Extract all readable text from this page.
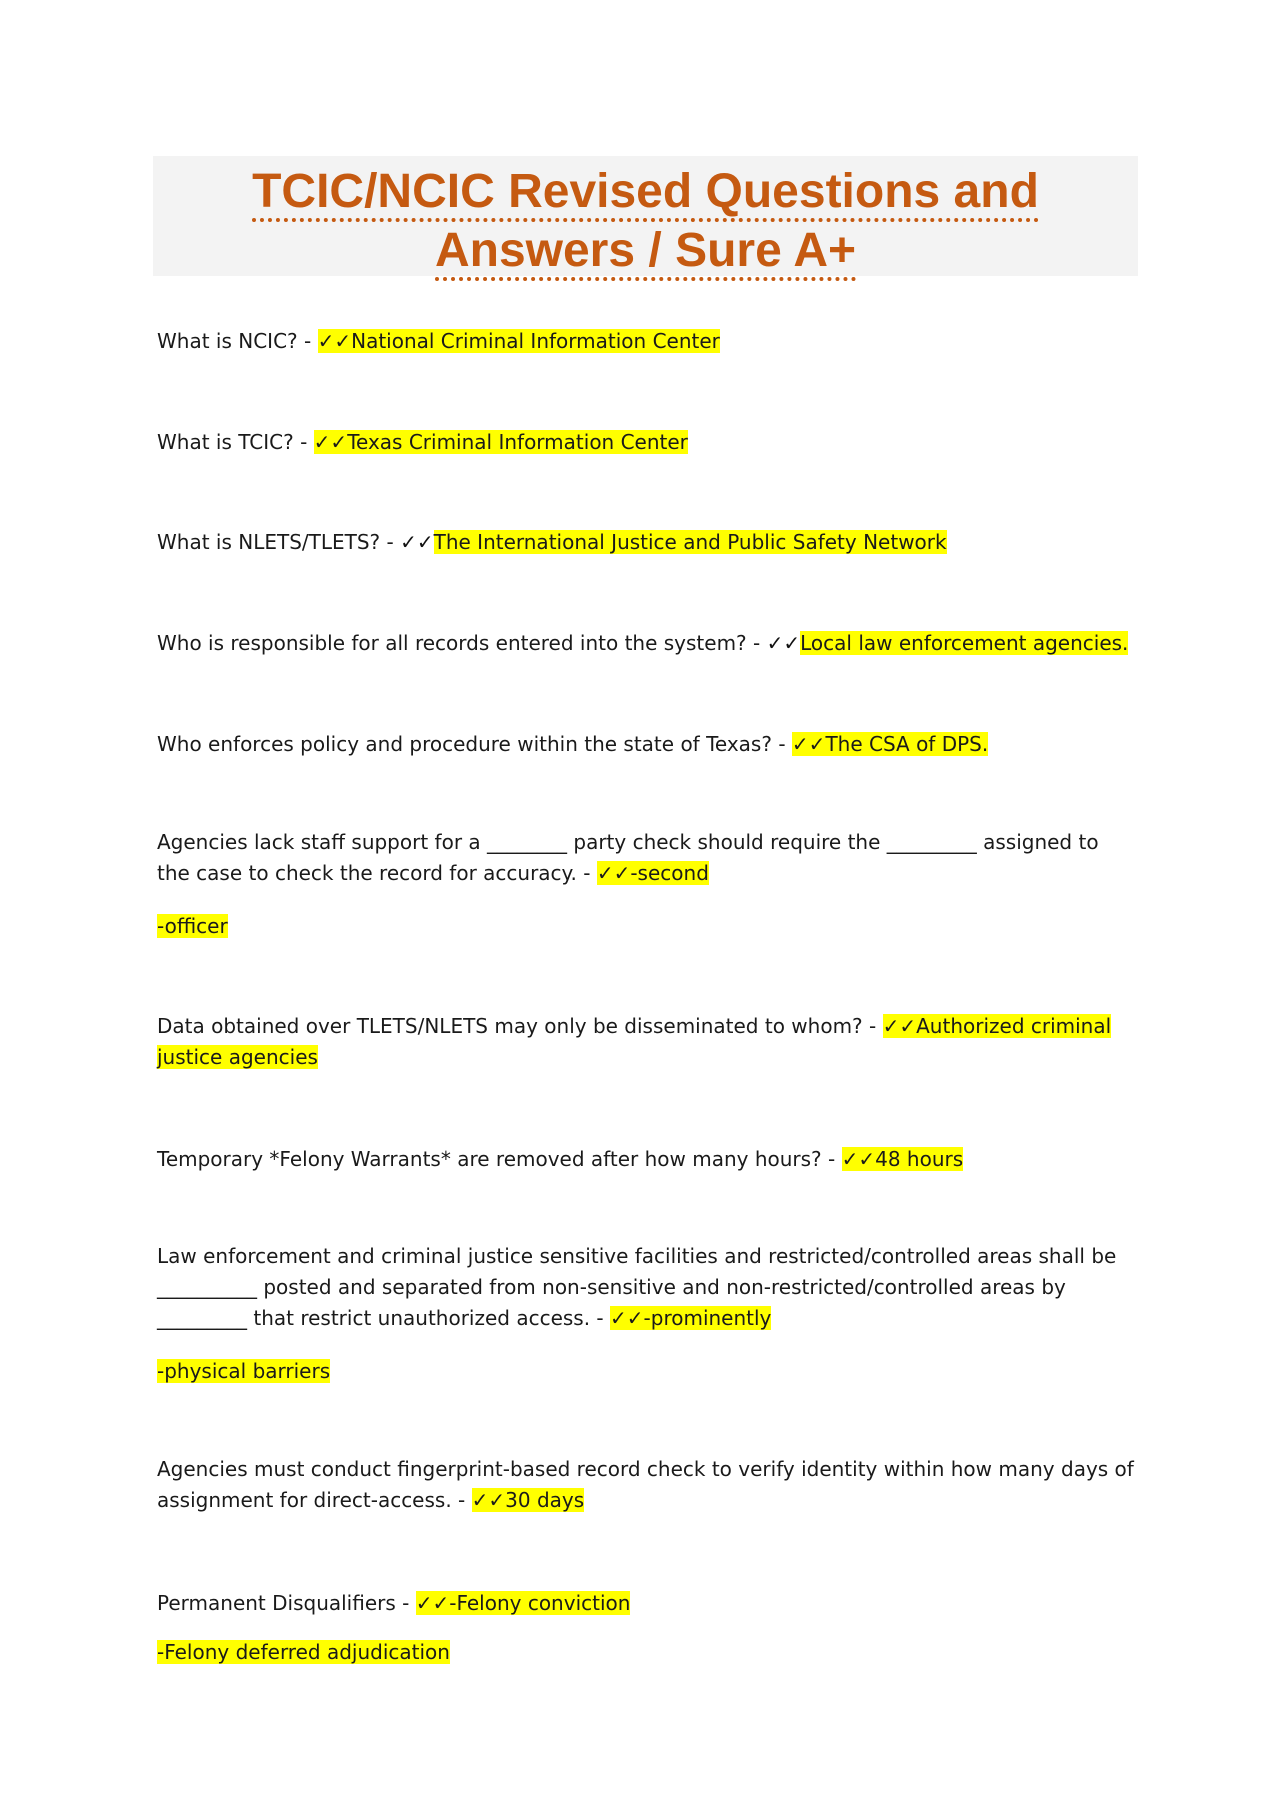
TCIC/NCIC Revised Questions and
Answers / Sure A+

What is NCIC? - ✓✓National Criminal Information Center

What is TCIC? - ✓✓Texas Criminal Information Center

What is NLETS/TLETS? - ✓✓The International Justice and Public Safety Network

Who is responsible for all records entered into the system? - ✓✓Local law enforcement agencies.

Who enforces policy and procedure within the state of Texas? - ✓✓The CSA of DPS.

Agencies lack staff support for a ________ party check should require the _________ assigned to the case to check the record for accuracy. - ✓✓-second

-officer

Data obtained over TLETS/NLETS may only be disseminated to whom? - ✓✓Authorized criminal justice agencies

Temporary *Felony Warrants* are removed after how many hours? - ✓✓48 hours

Law enforcement and criminal justice sensitive facilities and restricted/controlled areas shall be __________ posted and separated from non-sensitive and non-restricted/controlled areas by _________ that restrict unauthorized access. - ✓✓-prominently

-physical barriers

Agencies must conduct fingerprint-based record check to verify identity within how many days of assignment for direct-access. - ✓✓30 days

Permanent Disqualifiers - ✓✓-Felony conviction

-Felony deferred adjudication
